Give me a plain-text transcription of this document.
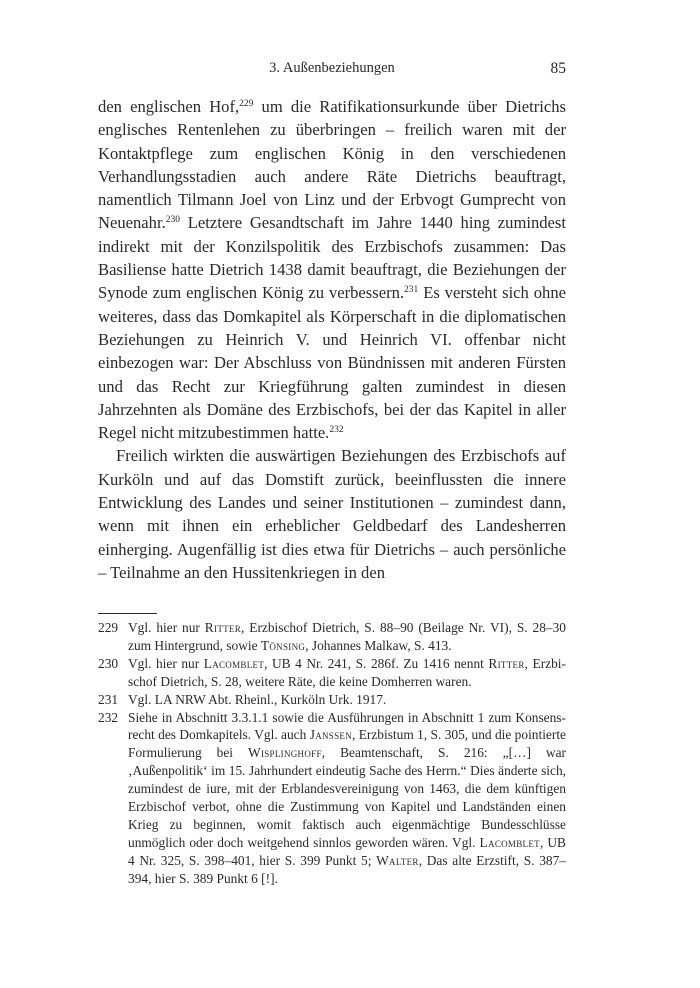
3. Außenbeziehungen	85

den englischen Hof,$^{229}$ um die Ratifikationsurkunde über Dietrichs englisches Rentenlehen zu überbringen – freilich waren mit der Kontaktpflege zum englischen König in den verschiedenen Verhandlungsstadien auch andere Räte Dietrichs beauftragt, namentlich Tilmann Joel von Linz und der Erbvogt Gumprecht von Neuenahr.$^{230}$ Letztere Gesandtschaft im Jahre 1440 hing zumindest indirekt mit der Konzilspolitik des Erzbischofs zusammen: Das Basiliense hatte Dietrich 1438 damit beauftragt, die Beziehungen der Synode zum englischen König zu verbessern.$^{231}$ Es versteht sich ohne weiteres, dass das Domkapitel als Körperschaft in die diplomatischen Beziehungen zu Heinrich V. und Heinrich VI. offenbar nicht einbezogen war: Der Abschluss von Bündnissen mit anderen Fürsten und das Recht zur Kriegführung galten zumindest in diesen Jahrzehnten als Domäne des Erzbischofs, bei der das Kapitel in aller Regel nicht mitzubestimmen hatte.$^{232}$

Freilich wirkten die auswärtigen Beziehungen des Erzbischofs auf Kurköln und auf das Domstift zurück, beeinflussten die innere Entwicklung des Landes und seiner Institutionen – zumindest dann, wenn mit ihnen ein erheblicher Geldbedarf des Landesherren einherging. Augenfällig ist dies etwa für Dietrichs – auch persönliche – Teilnahme an den Hussitenkriegen in den

229 Vgl. hier nur Ritter, Erzbischof Dietrich, S. 88–90 (Beilage Nr. VI), S. 28–30 zum Hintergrund, sowie Tönsing, Johannes Malkaw, S. 413.
230 Vgl. hier nur Lacomblet, UB 4 Nr. 241, S. 286f. Zu 1416 nennt Ritter, Erzbischof Dietrich, S. 28, weitere Räte, die keine Domherren waren.
231 Vgl. LA NRW Abt. Rheinl., Kurköln Urk. 1917.
232 Siehe in Abschnitt 3.3.1.1 sowie die Ausführungen in Abschnitt 1 zum Konsensrecht des Domkapitels. Vgl. auch Janssen, Erzbistum 1, S. 305, und die pointierte Formulierung bei Wisplinghoff, Beamtenschaft, S. 216: „[…] war ‚Außenpolitik‘ im 15. Jahrhundert eindeutig Sache des Herrn.“ Dies änderte sich, zumindest de iure, mit der Erblandesvereinigung von 1463, die dem künftigen Erzbischof verbot, ohne die Zustimmung von Kapitel und Landständen einen Krieg zu beginnen, womit faktisch auch eigenmächtige Bundesschlüsse unmöglich oder doch weitgehend sinnlos geworden wären. Vgl. Lacomblet, UB 4 Nr. 325, S. 398–401, hier S. 399 Punkt 5; Walter, Das alte Erzstift, S. 387–394, hier S. 389 Punkt 6 [!].
